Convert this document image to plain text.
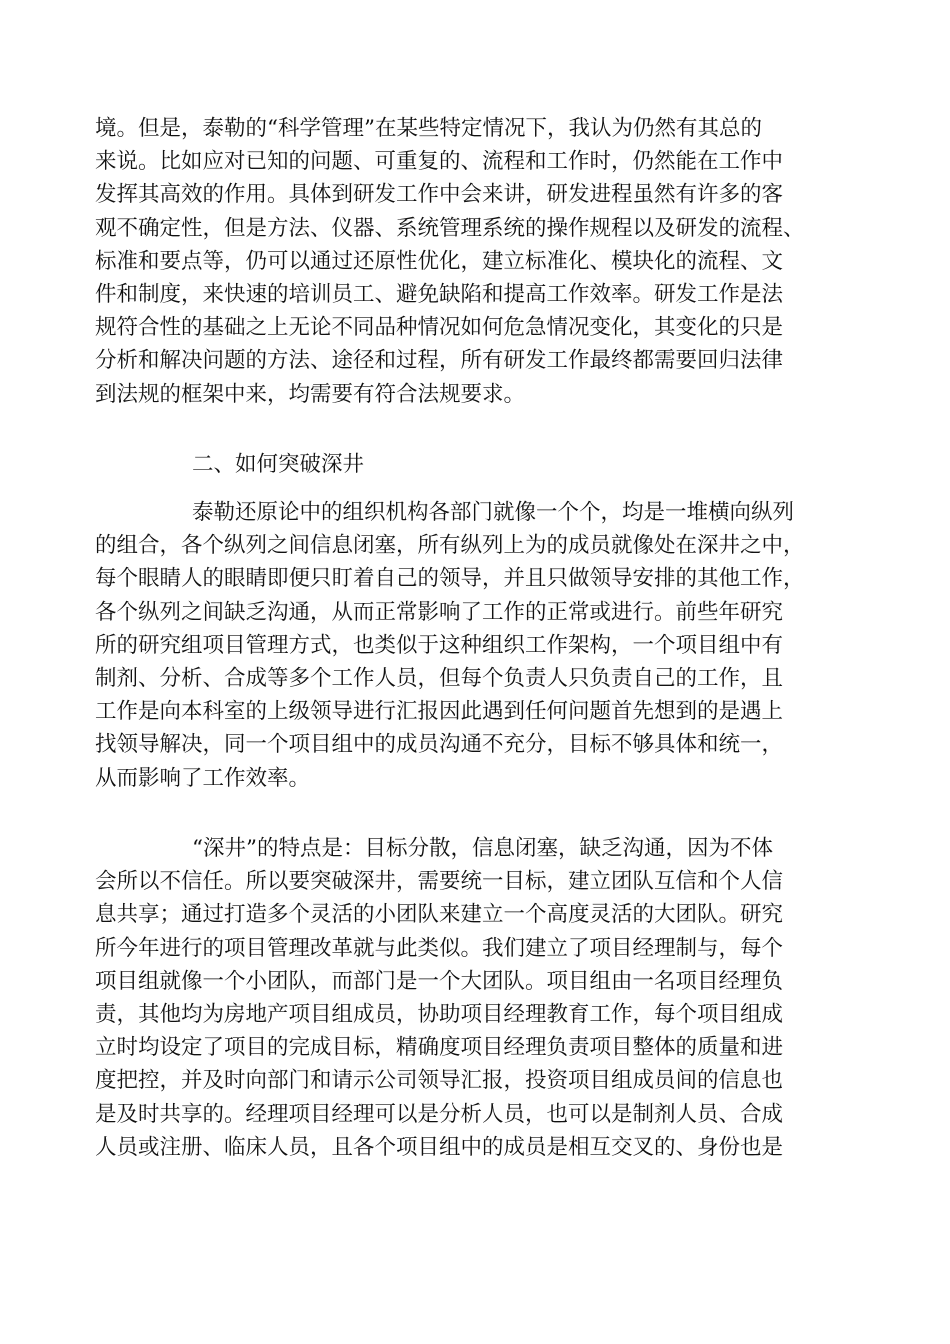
境。但是，泰勒的“科学管理”在某些特定情况下，我认为仍然有其总的
来说。比如应对已知的问题、可重复的、流程和工作时，仍然能在工作中
发挥其高效的作用。具体到研发工作中会来讲，研发进程虽然有许多的客
观不确定性，但是方法、仪器、系统管理系统的操作规程以及研发的流程、
标准和要点等，仍可以通过还原性优化，建立标准化、模块化的流程、文
件和制度，来快速的培训员工、避免缺陷和提高工作效率。研发工作是法
规符合性的基础之上无论不同品种情况如何危急情况变化，其变化的只是
分析和解决问题的方法、途径和过程，所有研发工作最终都需要回归法律
到法规的框架中来，均需要有符合法规要求。
二、如何突破深井
泰勒还原论中的组织机构各部门就像一个个，均是一堆横向纵列
的组合，各个纵列之间信息闭塞，所有纵列上为的成员就像处在深井之中，
每个眼睛人的眼睛即便只盯着自己的领导，并且只做领导安排的其他工作，
各个纵列之间缺乏沟通，从而正常影响了工作的正常或进行。前些年研究
所的研究组项目管理方式，也类似于这种组织工作架构，一个项目组中有
制剂、分析、合成等多个工作人员，但每个负责人只负责自己的工作，且
工作是向本科室的上级领导进行汇报因此遇到任何问题首先想到的是遇上
找领导解决，同一个项目组中的成员沟通不充分，目标不够具体和统一，
从而影响了工作效率。
“深井”的特点是：目标分散，信息闭塞，缺乏沟通，因为不体
会所以不信任。所以要突破深井，需要统一目标，建立团队互信和个人信
息共享；通过打造多个灵活的小团队来建立一个高度灵活的大团队。研究
所今年进行的项目管理改革就与此类似。我们建立了项目经理制与，每个
项目组就像一个小团队，而部门是一个大团队。项目组由一名项目经理负
责，其他均为房地产项目组成员，协助项目经理教育工作，每个项目组成
立时均设定了项目的完成目标，精确度项目经理负责项目整体的质量和进
度把控，并及时向部门和请示公司领导汇报，投资项目组成员间的信息也
是及时共享的。经理项目经理可以是分析人员，也可以是制剂人员、合成
人员或注册、临床人员，且各个项目组中的成员是相互交叉的、身份也是
